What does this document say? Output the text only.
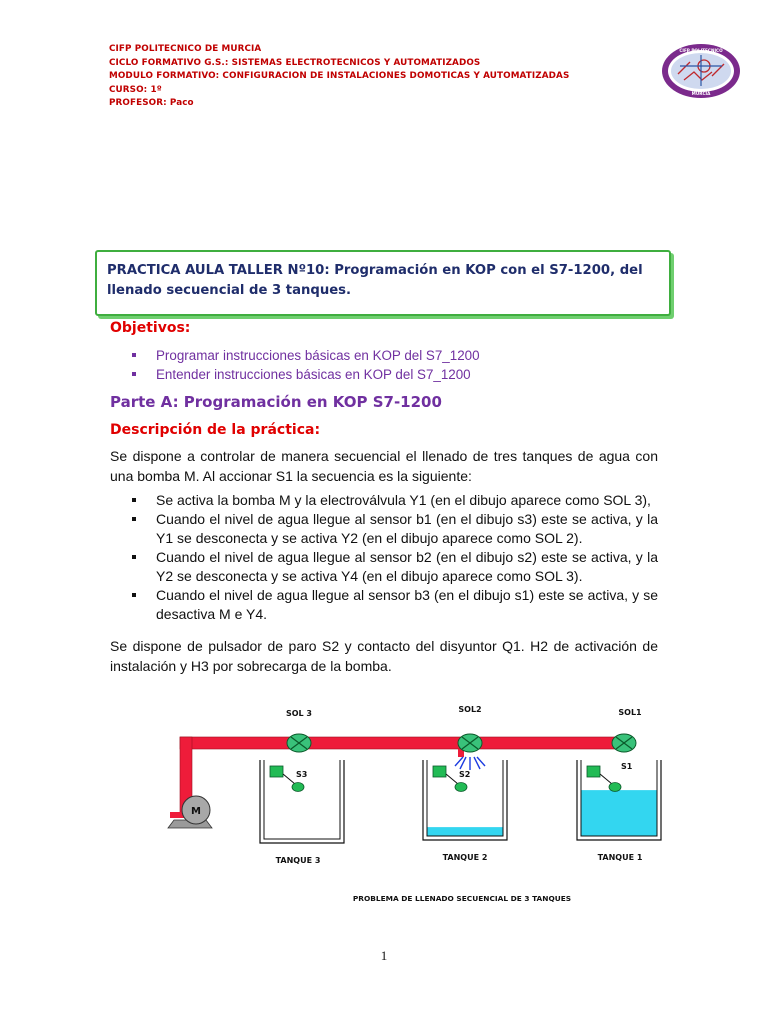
CIFP POLITECNICO DE MURCIA
CICLO FORMATIVO G.S.: SISTEMAS ELECTROTECNICOS Y AUTOMATIZADOS
MODULO FORMATIVO: CONFIGURACION DE INSTALACIONES DOMOTICAS Y AUTOMATIZADAS
CURSO: 1º
PROFESOR: Paco
CIFP POLITECNICO
MURCIA

PRACTICA AULA TALLER Nº10: Programación en KOP con el S7-1200, del llenado secuencial de 3 tanques.

Objetivos:
Programar instrucciones básicas en KOP del S7_1200
Entender instrucciones básicas en KOP del S7_1200
Parte A: Programación en KOP S7-1200
Descripción de la práctica:

Se dispone a controlar de manera secuencial el llenado de tres tanques de agua con una bomba M. Al accionar S1 la secuencia es la siguiente:

Se activa la bomba M y la electroválvula Y1 (en el dibujo aparece como SOL 3),
Cuando el nivel de agua llegue al sensor b1 (en el dibujo s3) este se activa, y la Y1 se desconecta y se activa Y2 (en el dibujo aparece como SOL 2).
Cuando el nivel de agua llegue al sensor b2 (en el dibujo s2) este se activa, y la Y2 se desconecta y se activa Y4 (en el dibujo aparece como SOL 3).
Cuando el nivel de agua llegue al sensor b3 (en el dibujo s1) este se activa, y se desactiva M e Y4.

Se dispone de pulsador de paro S2 y contacto del disyuntor Q1. H2 de activación de instalación y H3 por sobrecarga de la bomba.

M
SOL 3	SOL2	SOL1
S3	S2
S1
TANQUE 3	TANQUE 2	TANQUE 1
PROBLEMA DE LLENADO SECUENCIAL DE 3 TANQUES
1
